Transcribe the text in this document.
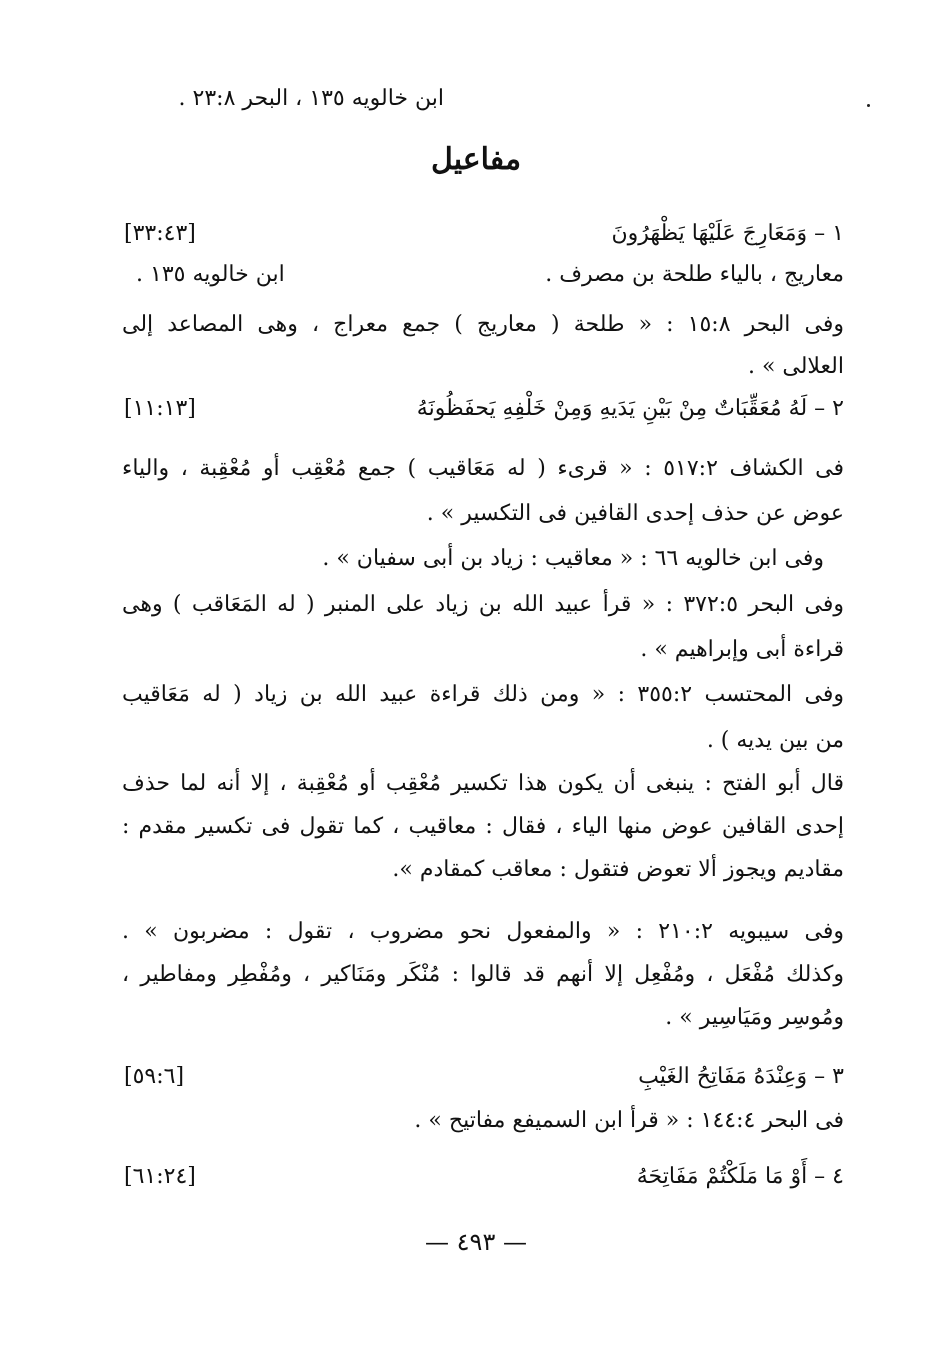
ابن خالويه ١٣٥ ، البحر ٢٣:٨ .
مفاعيل
١ – وَمَعَارِجَ عَلَيْهَا يَظْهَرُونَ
[٣٣:٤٣]
معاريج ، بالياء طلحة بن مصرف .
ابن خالويه ١٣٥ .
وفى البحر ١٥:٨ : « طلحة ( معاريج ) جمع معراج ، وهى المصاعد إلى
العلالى » .
٢ – لَهُ مُعَقِّبَاتٌ مِنْ بَيْنِ يَدَيهِ وَمِنْ خَلْفِهِ يَحفَظُونَهُ
[١١:١٣]
فى الكشاف ٥١٧:٢ : « قرىء ( له مَعَاقيب ) جمع مُعْقِب أو مُعْقِبة ، والياء
عوض عن حذف إحدى القافين فى التكسير » .
وفى ابن خالويه ٦٦ : « معاقيب : زياد بن أبى سفيان » .
وفى البحر ٣٧٢:٥ : « قرأ عبيد الله بن زياد على المنبر ( له المَعَاقب ) وهى
قراءة أبى وإبراهيم » .
وفى المحتسب ٣٥٥:٢ : « ومن ذلك قراءة عبيد الله بن زياد ( له مَعَاقيب
من بين يديه ) .
قال أبو الفتح : ينبغى أن يكون هذا تكسير مُعْقِب أو مُعْقِبة ، إلا أنه لما حذف
إحدى القافين عوض منها الياء ، فقال : معاقيب ، كما تقول فى تكسير مقدم :
مقاديم ويجوز ألا تعوض فتقول : معاقب كمقادم ».
وفى سيبويه ٢١٠:٢ : « والمفعول نحو مضروب ، تقول : مضربون » .
وكذلك مُفْعَل ، ومُفْعِل إلا أنهم قد قالوا : مُنْكَر ومَنَاكير ، ومُفْطِر ومفاطير ،
ومُوسِر ومَيَاسِير » .
٣ – وَعِنْدَهُ مَفَاتِحُ الغَيْبِ
[٥٩:٦]
فى البحر ١٤٤:٤ : « قرأ ابن السميفع مفاتيح » .
٤ – أَوْ مَا مَلَكْتُمْ مَفَاتِحَهُ
[٦١:٢٤]
— ٤٩٣ —
